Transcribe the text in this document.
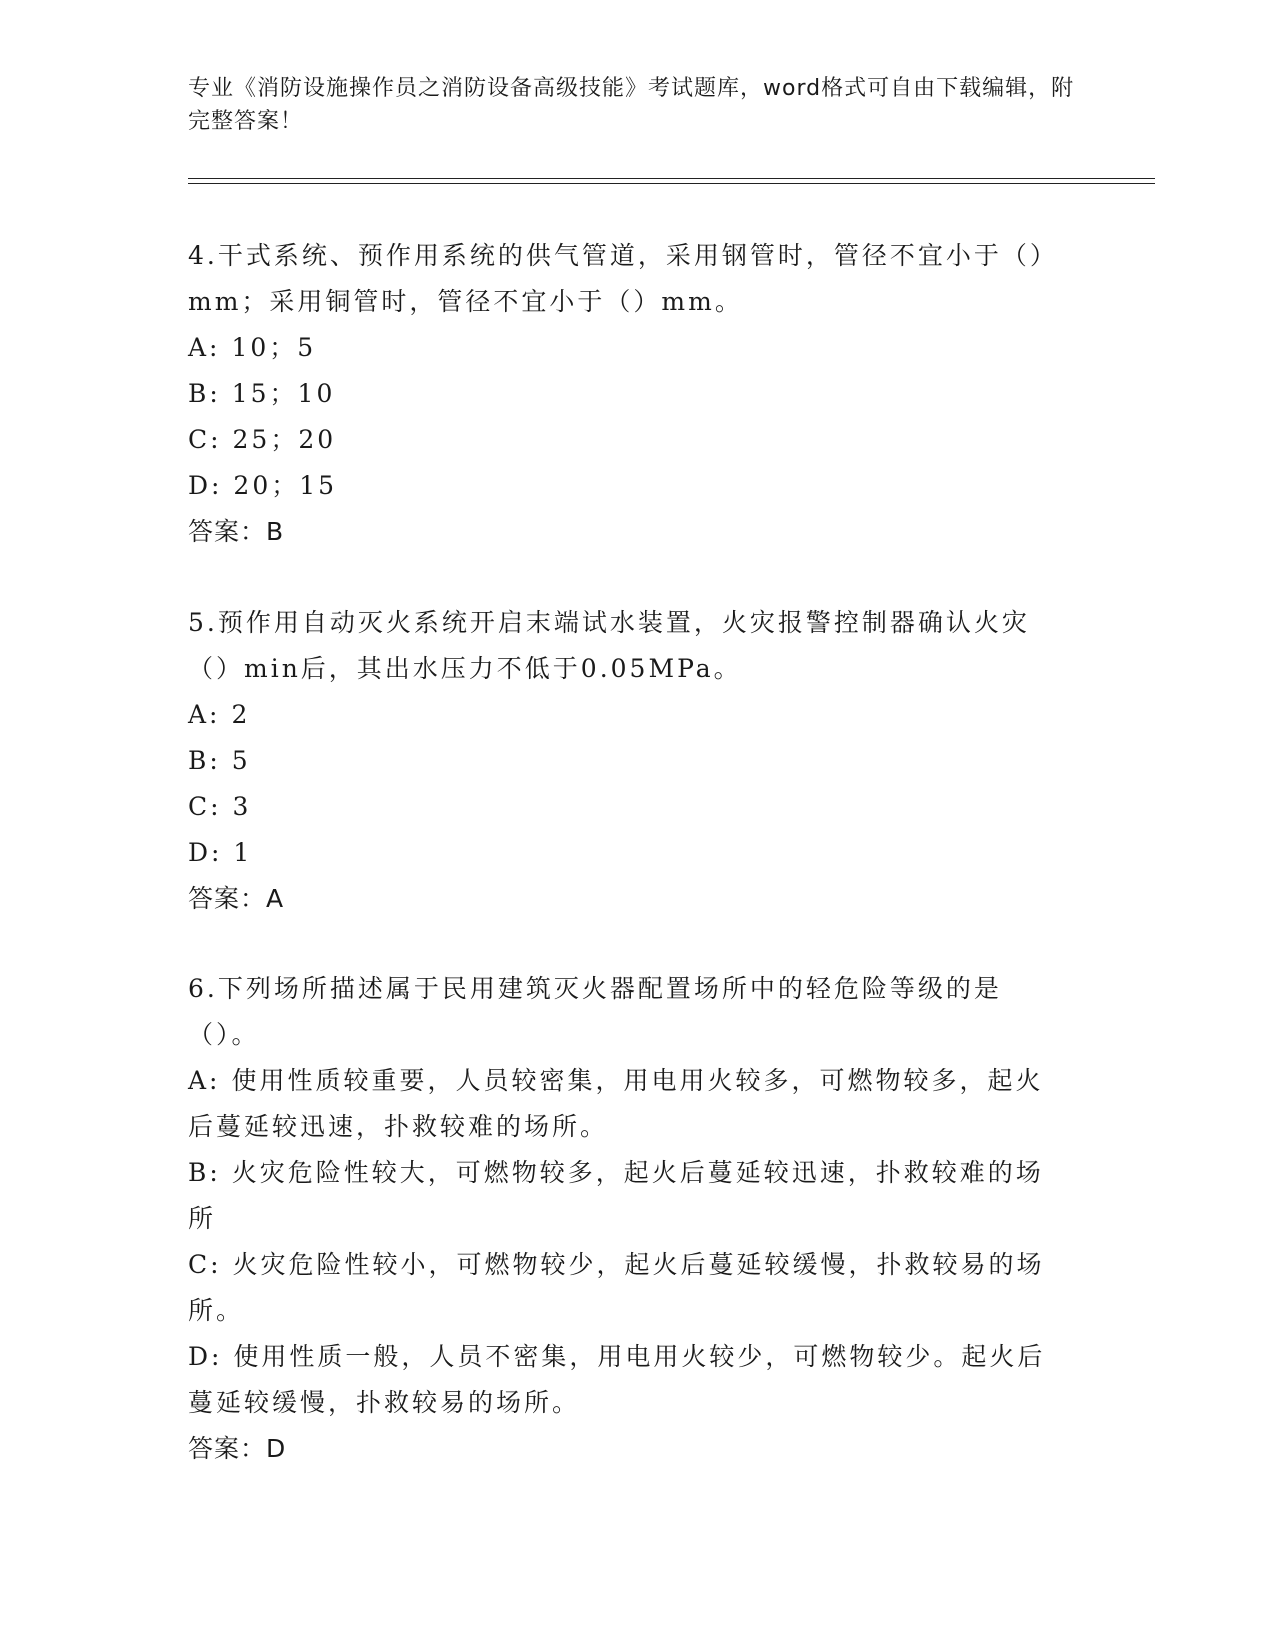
专业《消防设施操作员之消防设备高级技能》考试题库，word格式可自由下载编辑，附完整答案！

4.干式系统、预作用系统的供气管道，采用钢管时，管径不宜小于（）mm；采用铜管时，管径不宜小于（）mm。

A: 10；5

B: 15；10

C: 25；20

D: 20；15

答案：B

5.预作用自动灭火系统开启末端试水装置，火灾报警控制器确认火灾（）min后，其出水压力不低于0.05MPa。

A: 2

B: 5

C: 3

D: 1

答案：A

6.下列场所描述属于民用建筑灭火器配置场所中的轻危险等级的是（）。

A: 使用性质较重要，人员较密集，用电用火较多，可燃物较多，起火后蔓延较迅速，扑救较难的场所。

B: 火灾危险性较大，可燃物较多，起火后蔓延较迅速，扑救较难的场所

C: 火灾危险性较小，可燃物较少，起火后蔓延较缓慢，扑救较易的场所。

D: 使用性质一般，人员不密集，用电用火较少，可燃物较少。起火后蔓延较缓慢，扑救较易的场所。

答案：D
